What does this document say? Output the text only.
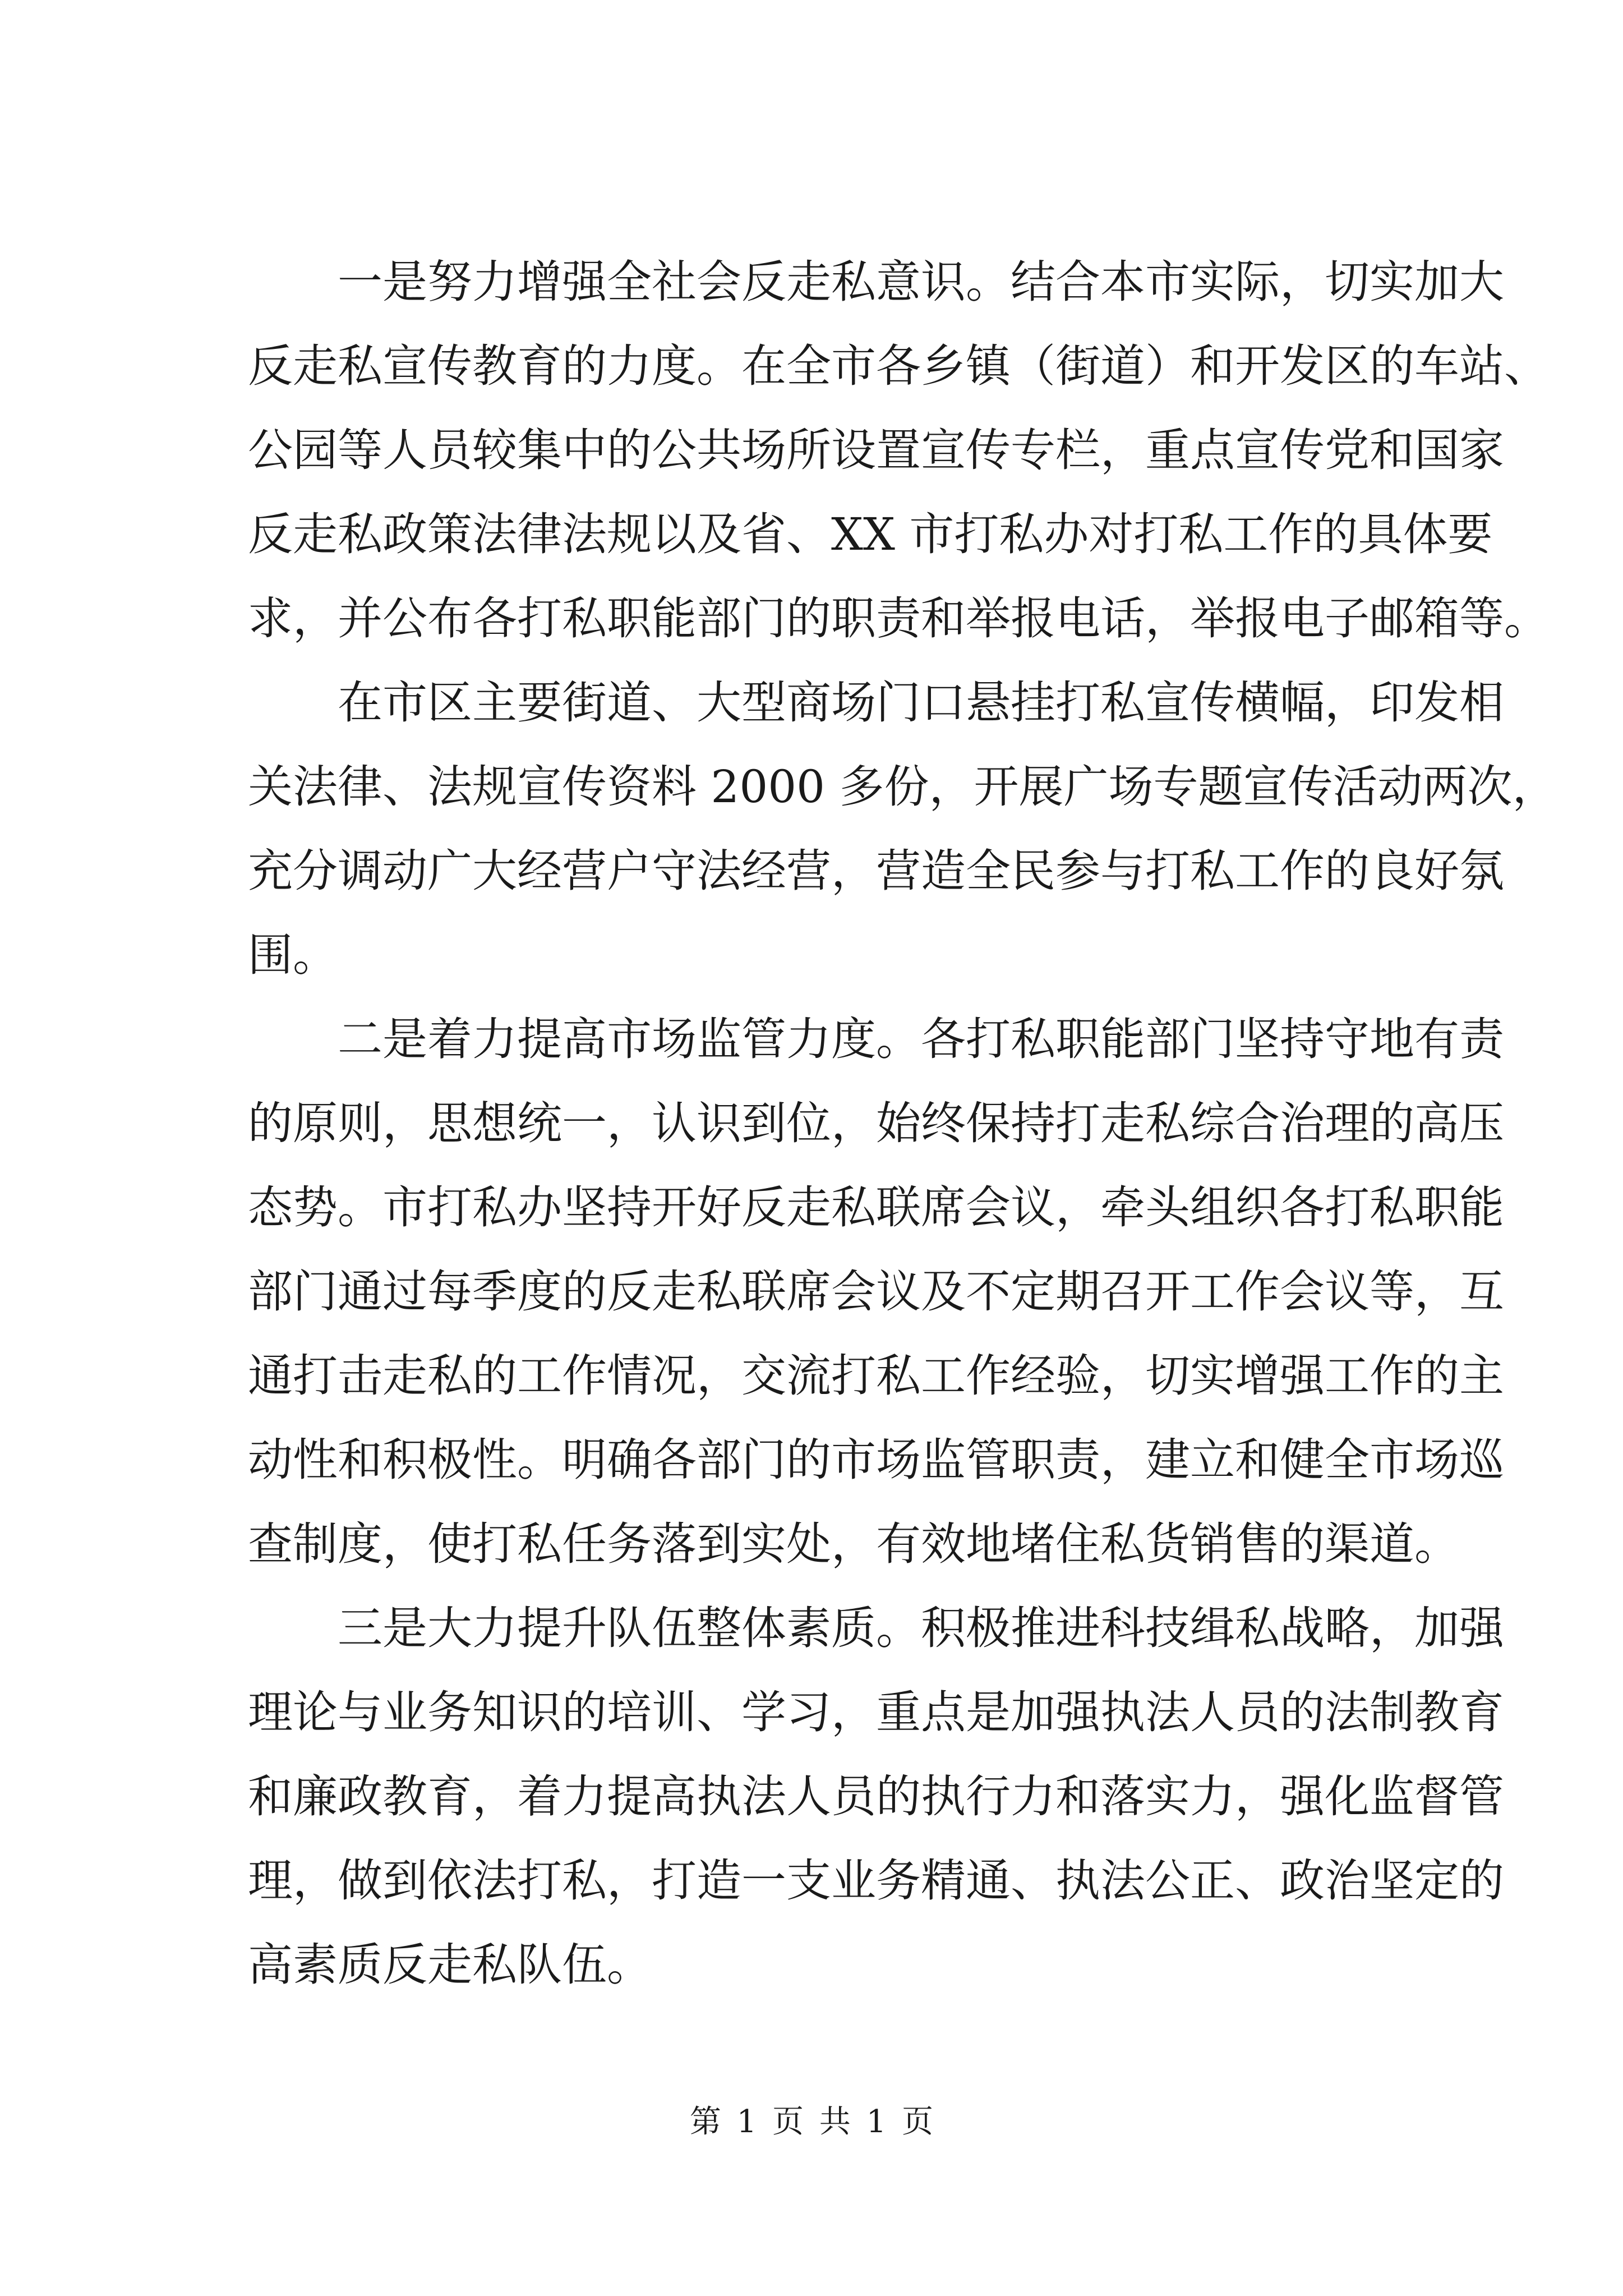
一是努力增强全社会反走私意识。结合本市实际，切实加大
反走私宣传教育的力度。在全市各乡镇（街道）和开发区的车站、
公园等人员较集中的公共场所设置宣传专栏，重点宣传党和国家
反走私政策法律法规以及省、XX 市打私办对打私工作的具体要
求，并公布各打私职能部门的职责和举报电话，举报电子邮箱等。
在市区主要街道、大型商场门口悬挂打私宣传横幅，印发相
关法律、法规宣传资料 2000 多份，开展广场专题宣传活动两次，
充分调动广大经营户守法经营，营造全民参与打私工作的良好氛
围。
二是着力提高市场监管力度。各打私职能部门坚持守地有责
的原则，思想统一，认识到位，始终保持打走私综合治理的高压
态势。市打私办坚持开好反走私联席会议，牵头组织各打私职能
部门通过每季度的反走私联席会议及不定期召开工作会议等，互
通打击走私的工作情况，交流打私工作经验，切实增强工作的主
动性和积极性。明确各部门的市场监管职责，建立和健全市场巡
查制度，使打私任务落到实处，有效地堵住私货销售的渠道。
三是大力提升队伍整体素质。积极推进科技缉私战略，加强
理论与业务知识的培训、学习，重点是加强执法人员的法制教育
和廉政教育，着力提高执法人员的执行力和落实力，强化监督管
理，做到依法打私，打造一支业务精通、执法公正、政治坚定的
高素质反走私队伍。
第 1 页 共 1 页
